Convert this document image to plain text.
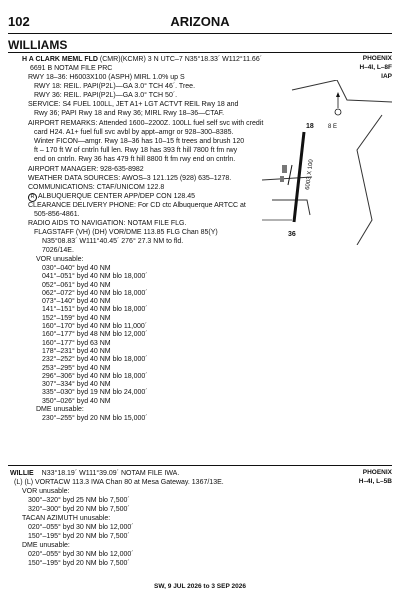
102	ARIZONA
WILLIAMS
H A CLARK MEML FLD (CMR)(KCMR) 3 N UTC–7 N35°18.33´ W112°11.66´	PHOENIX
6691 B NOTAM FILE PRC	H–4I, L–8F
IAP
RWY 18–36: H6003X100 (ASPH) MIRL 1.0% up S
RWY 18: REIL. PAPI(P2L)—GA 3.0° TCH 46´. Tree.
RWY 36: REIL. PAPI(P2L)—GA 3.0° TCH 50´.
SERVICE: S4 FUEL 100LL, JET A1+ LGT ACTVT REIL Rwy 18 and
Rwy 36; PAPI Rwy 18 and Rwy 36; MIRL Rwy 18–36—CTAF.
AIRPORT REMARKS: Attended 1600–2200Z. 100LL fuel self svc with credit
card H24. A1+ fuel full svc avbl by appt–amgr or 928–300–8385.
Winter FICON—amgr. Rwy 18–36 has 10–15 ft trees and brush 120
ft – 170 ft W of cntrln full len. Rwy 18 has 393 ft hill 7800 ft fm rwy
end on cntrln. Rwy 36 has 479 ft hill 8800 ft fm rwy end on cntrln.
AIRPORT MANAGER: 928-635-8982
WEATHER DATA SOURCES: AWOS–3 121.125 (928) 635–1278.
COMMUNICATIONS: CTAF/UNICOM 122.8
R ALBUQUERQUE CENTER APP/DEP CON 128.45
CLEARANCE DELIVERY PHONE: For CD ctc Albuquerque ARTCC at
505-856-4861.
RADIO AIDS TO NAVIGATION: NOTAM FILE FLG.
FLAGSTAFF (VH) (DH) VOR/DME 113.85 FLG Chan 85(Y)
N35°08.83´ W111°40.45´ 276° 27.3 NM to fld.
7026/14E.
VOR unusable:
030°–040° byd 40 NM
041°–051° byd 40 NM blo 18,000´
052°–061° byd 40 NM
062°–072° byd 40 NM blo 18,000´
073°–140° byd 40 NM
141°–151° byd 40 NM blo 18,000´
152°–159° byd 40 NM
160°–170° byd 40 NM blo 11,000´
160°–177° byd 48 NM blo 12,000´
160°–177° byd 63 NM
178°–231° byd 40 NM
232°–252° byd 40 NM blo 18,000´
253°–295° byd 40 NM
296°–306° byd 40 NM blo 18,000´
307°–334° byd 40 NM
335°–030° byd 19 NM blo 24,000´
350°–026° byd 40 NM
DME unusable:
230°–255° byd 20 NM blo 15,000´
8 E
18
36
6003 X 100
WILLIE N33°18.19´ W111°39.09´ NOTAM FILE IWA.	PHOENIX
H–4I, L–5B
(L) (L) VORTACW 113.3 IWA Chan 80 at Mesa Gateway. 1367/13E.
VOR unusable:
300°–320° byd 25 NM blo 7,500´
320°–300° byd 20 NM blo 7,500´
TACAN AZIMUTH unusable:
020°–055° byd 30 NM blo 12,000´
150°–195° byd 20 NM blo 7,500´
DME unusable:
020°–055° byd 30 NM blo 12,000´
150°–195° byd 20 NM blo 7,500´
SW, 9 JUL 2026 to 3 SEP 2026
